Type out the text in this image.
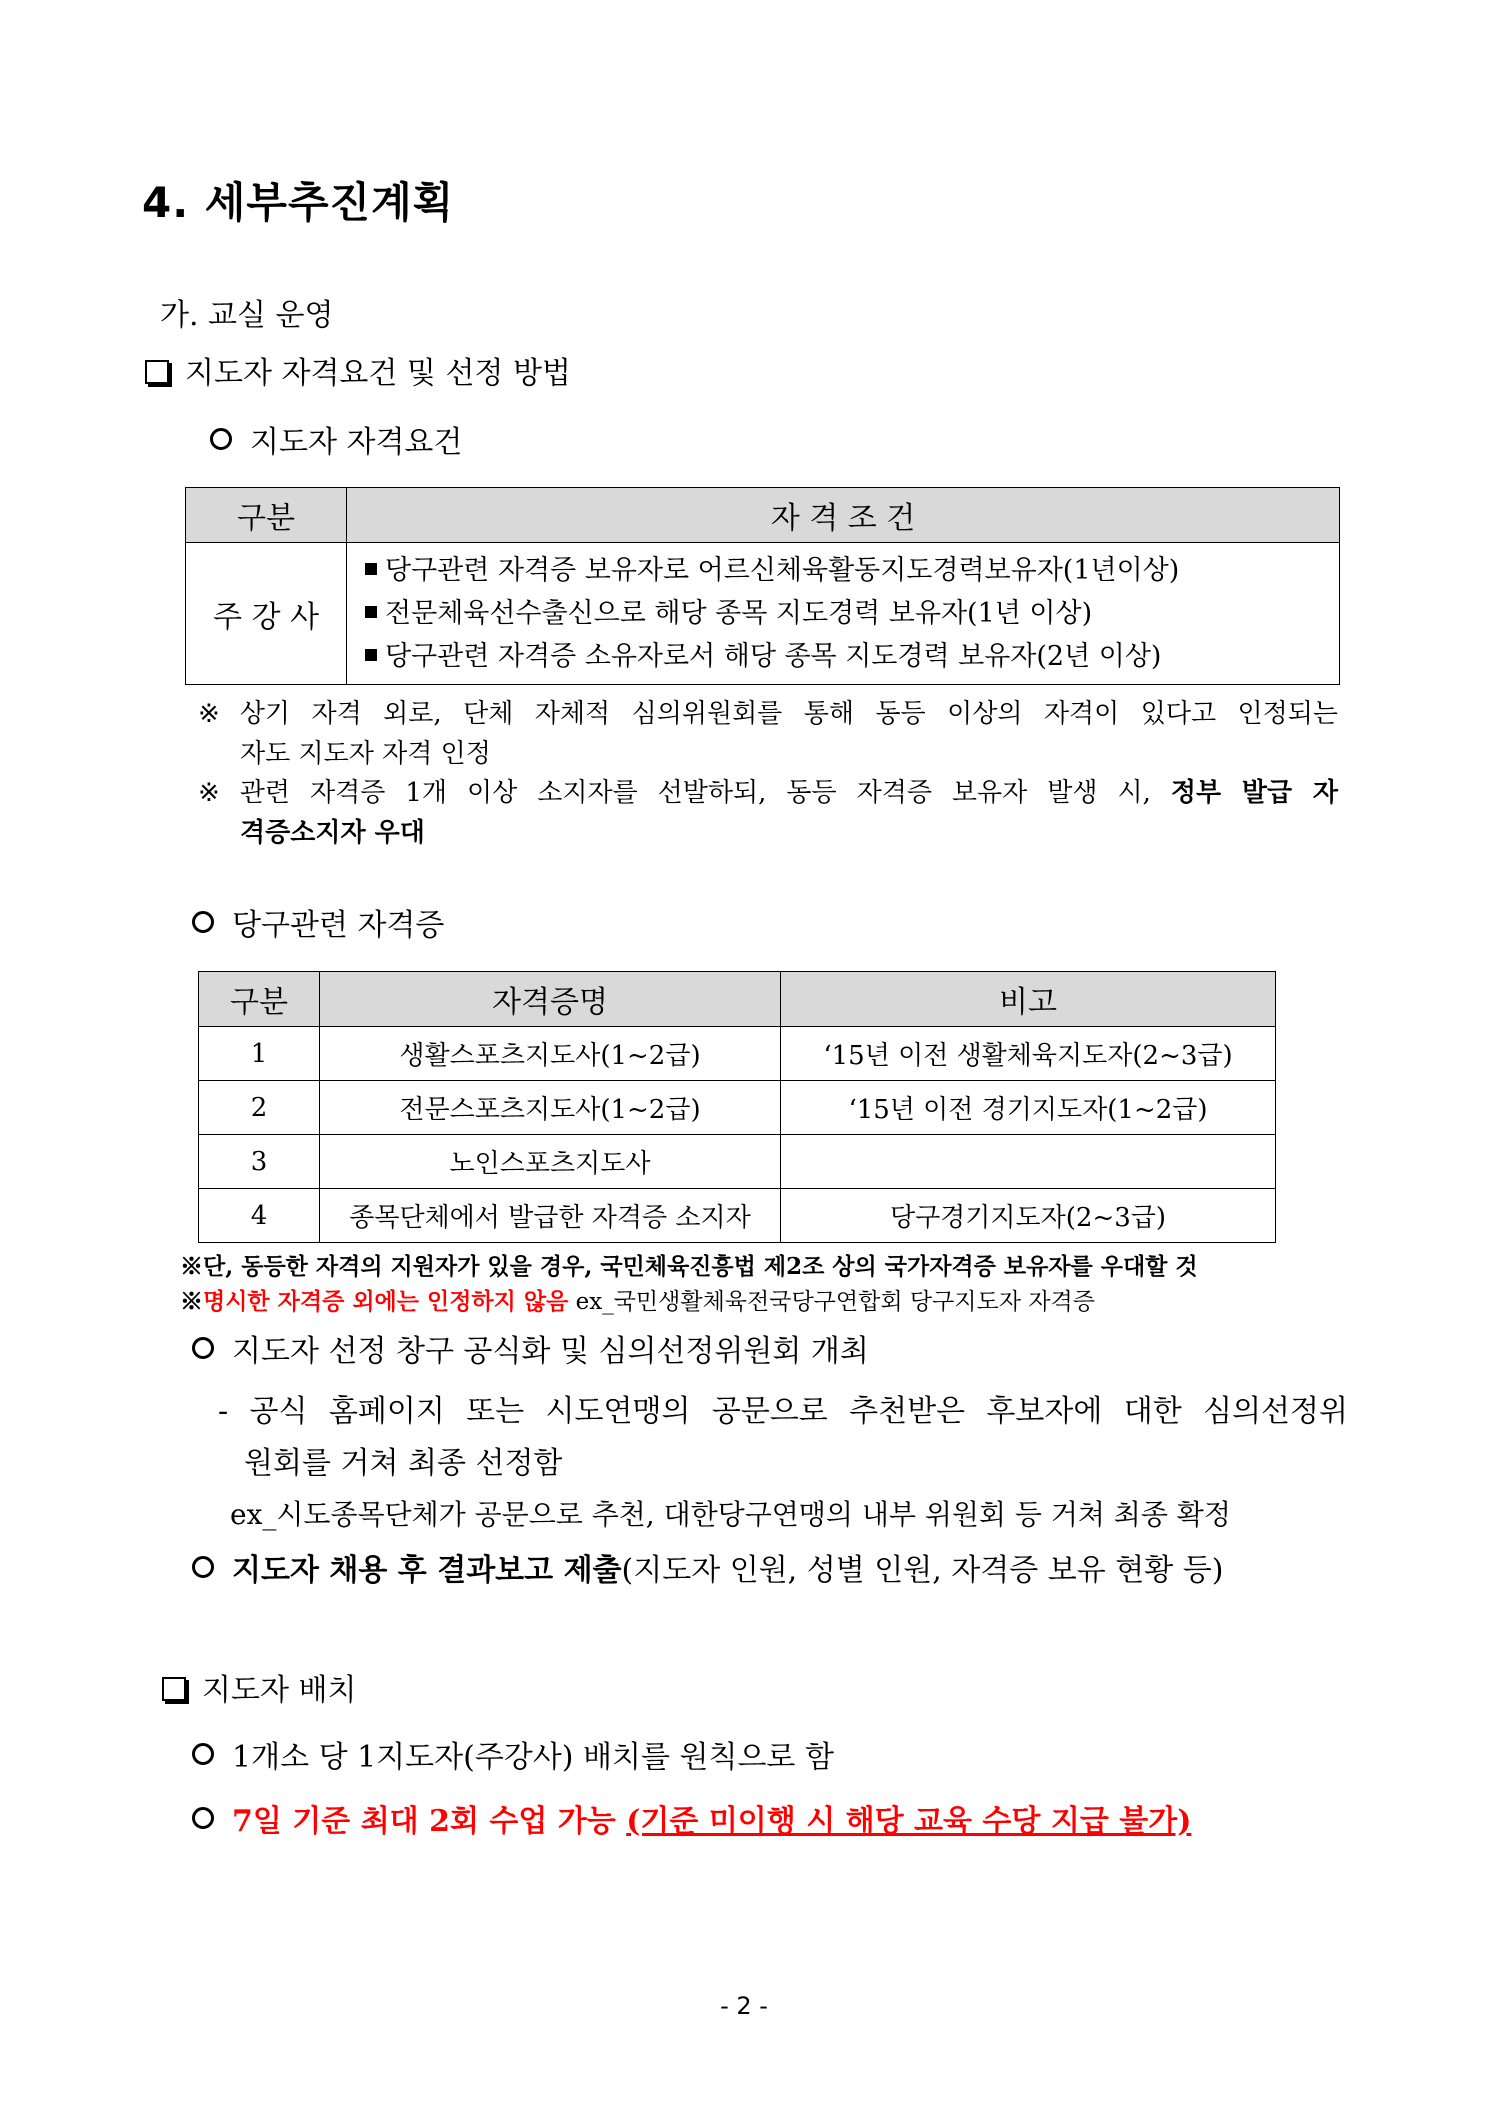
4. 세부추진계획
가. 교실 운영
지도자 자격요건 및 선정 방법
지도자 자격요건
구분	자 격 조 건
주 강 사	당구관련 자격증 보유자로 어르신체육활동지도경력보유자(1년이상)
전문체육선수출신으로 해당 종목 지도경력 보유자(1년 이상)
당구관련 자격증 소유자로서 해당 종목 지도경력 보유자(2년 이상)
※ 상기 자격 외로, 단체 자체적 심의위원회를 통해 동등 이상의 자격이 있다고 인정되는
자도 지도자 자격 인정
※ 관련 자격증 1개 이상 소지자를 선발하되, 동등 자격증 보유자 발생 시, 정부 발급 자
격증소지자 우대
당구관련 자격증
구분	자격증명	비고
1	생활스포츠지도사(1~2급)	‘15년 이전 생활체육지도자(2~3급)
2	전문스포츠지도사(1~2급)	‘15년 이전 경기지도자(1~2급)
3	노인스포츠지도사	
4	종목단체에서 발급한 자격증 소지자	당구경기지도자(2~3급)
※단, 동등한 자격의 지원자가 있을 경우, 국민체육진흥법 제2조 상의 국가자격증 보유자를 우대할 것
※명시한 자격증 외에는 인정하지 않음 ex_국민생활체육전국당구연합회 당구지도자 자격증
지도자 선정 창구 공식화 및 심의선정위원회 개최
- 공식 홈페이지 또는 시도연맹의 공문으로 추천받은 후보자에 대한 심의선정위
원회를 거쳐 최종 선정함
ex_시도종목단체가 공문으로 추천, 대한당구연맹의 내부 위원회 등 거쳐 최종 확정
지도자 채용 후 결과보고 제출(지도자 인원, 성별 인원, 자격증 보유 현황 등)
지도자 배치
1개소 당 1지도자(주강사) 배치를 원칙으로 함
7일 기준 최대 2회 수업 가능 (기준 미이행 시 해당 교육 수당 지급 불가)
- 2 -
